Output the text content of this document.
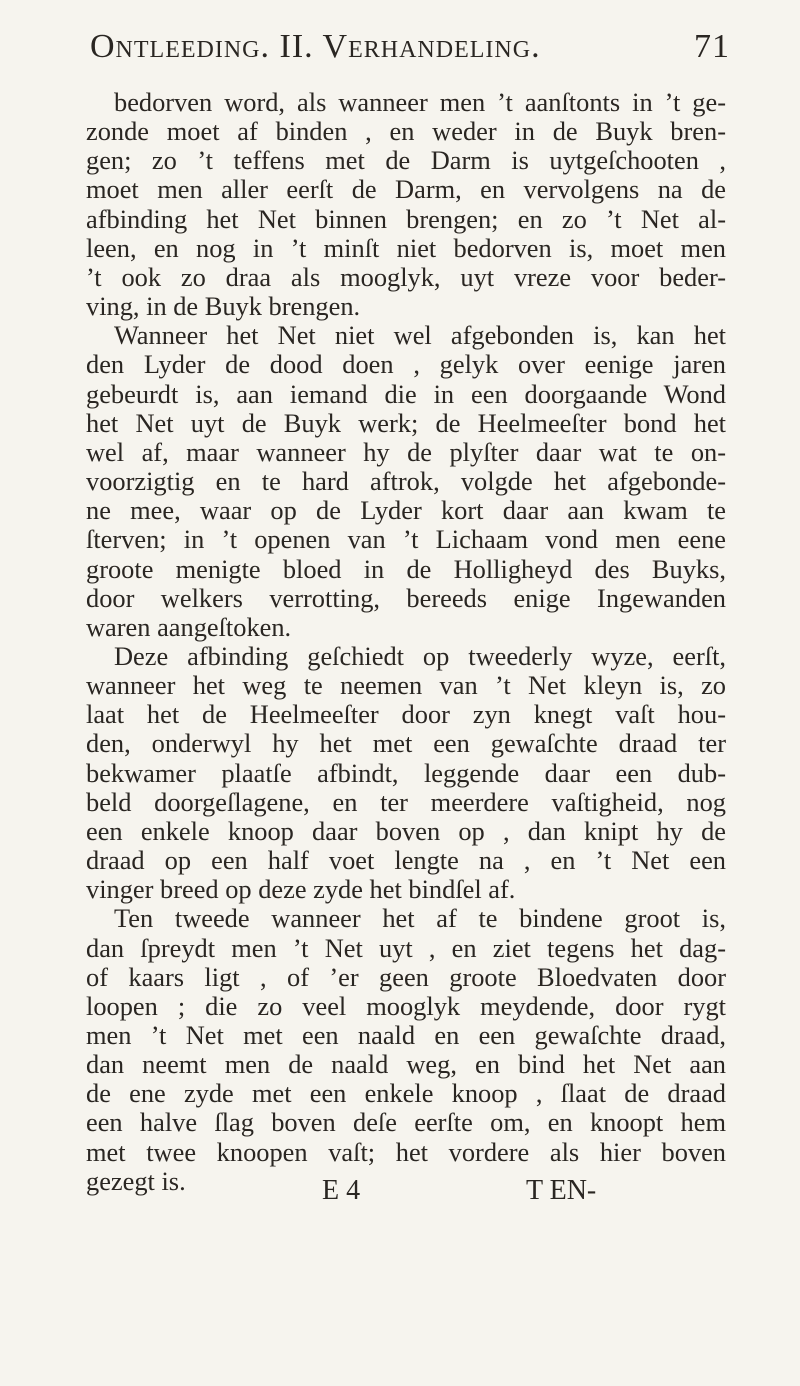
Ontleeding. II. Verhandeling.	71
bedorven word, als wanneer men ’t aanſtonts in ’t ge-
zonde moet af binden , en weder in de Buyk bren-
gen; zo ’t teffens met de Darm is uytgeſchooten ,
moet men aller eerſt de Darm, en vervolgens na de
afbinding het Net binnen brengen; en zo ’t Net al-
leen, en nog in ’t minſt niet bedorven is, moet men
’t ook zo draa als mooglyk, uyt vreze voor beder-
ving, in de Buyk brengen.
Wanneer het Net niet wel afgebonden is, kan het
den Lyder de dood doen , gelyk over eenige jaren
gebeurdt is, aan iemand die in een doorgaande Wond
het Net uyt de Buyk werk; de Heelmeeſter bond het
wel af, maar wanneer hy de plyſter daar wat te on-
voorzigtig en te hard aftrok, volgde het afgebonde-
ne mee, waar op de Lyder kort daar aan kwam te
ſterven; in ’t openen van ’t Lichaam vond men eene
groote menigte bloed in de Holligheyd des Buyks,
door welkers verrotting, bereeds enige Ingewanden
waren aangeſtoken.
Deze afbinding geſchiedt op tweederly wyze, eerſt,
wanneer het weg te neemen van ’t Net kleyn is, zo
laat het de Heelmeeſter door zyn knegt vaſt hou-
den, onderwyl hy het met een gewaſchte draad ter
bekwamer plaatſe afbindt, leggende daar een dub-
beld doorgeſlagene, en ter meerdere vaſtigheid, nog
een enkele knoop daar boven op , dan knipt hy de
draad op een half voet lengte na , en ’t Net een
vinger breed op deze zyde het bindſel af.
Ten tweede wanneer het af te bindene groot is,
dan ſpreydt men ’t Net uyt , en ziet tegens het dag-
of kaars ligt , of ’er geen groote Bloedvaten door
loopen ; die zo veel mooglyk meydende, door rygt
men ’t Net met een naald en een gewaſchte draad,
dan neemt men de naald weg, en bind het Net aan
de ene zyde met een enkele knoop , ſlaat de draad
een halve ſlag boven deſe eerſte om, en knoopt hem
met twee knoopen vaſt; het vordere als hier boven
gezegt is.	E 4	T EN-
